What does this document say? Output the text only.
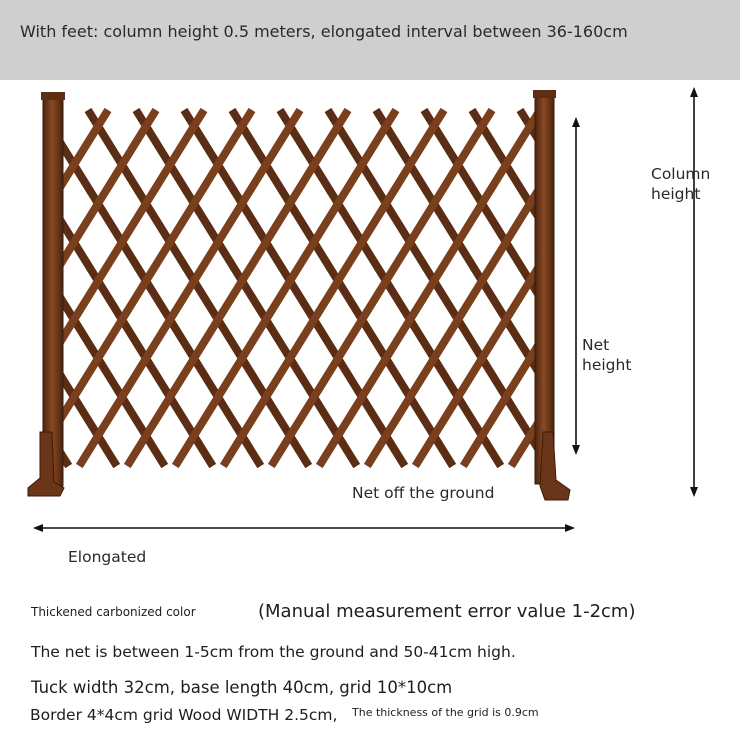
With feet: column height 0.5 meters, elongated interval between 36-160cm
Column
height
Net
height
Net off the ground
Elongated
Thickened carbonized color	(Manual measurement error value 1-2cm)
The net is between 1-5cm from the ground and 50-41cm high.
Tuck width 32cm, base length 40cm, grid 10*10cm
Border 4*4cm grid Wood WIDTH 2.5cm, The thickness of the grid is 0.9cm
